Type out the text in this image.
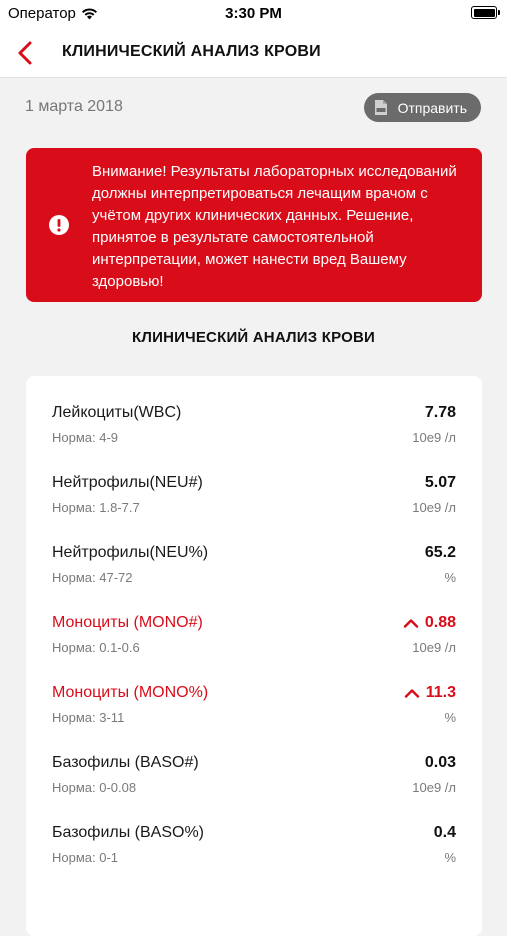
Оператор	3:30 PM
КЛИНИЧЕСКИЙ АНАЛИЗ КРОВИ
1 марта 2018	Отправить
Внимание! Результаты лабораторных исследований должны интерпретироваться лечащим врачом с учётом других клинических данных. Решение, принятое в результате самостоятельной интерпретации, может нанести вред Вашему здоровью!
КЛИНИЧЕСКИЙ АНАЛИЗ КРОВИ
Лейкоциты(WBC)
Норма: 4-9
7.78
10е9 /л
Нейтрофилы(NEU#)
Норма: 1.8-7.7
5.07
10е9 /л
Нейтрофилы(NEU%)
Норма: 47-72
65.2
%
Моноциты (MONO#)
Норма: 0.1-0.6
0.88
10е9 /л
Моноциты (MONO%)
Норма: 3-11
11.3
%
Базофилы (BASO#)
Норма: 0-0.08
0.03
10е9 /л
Базофилы (BASO%)
Норма: 0-1
0.4
%
